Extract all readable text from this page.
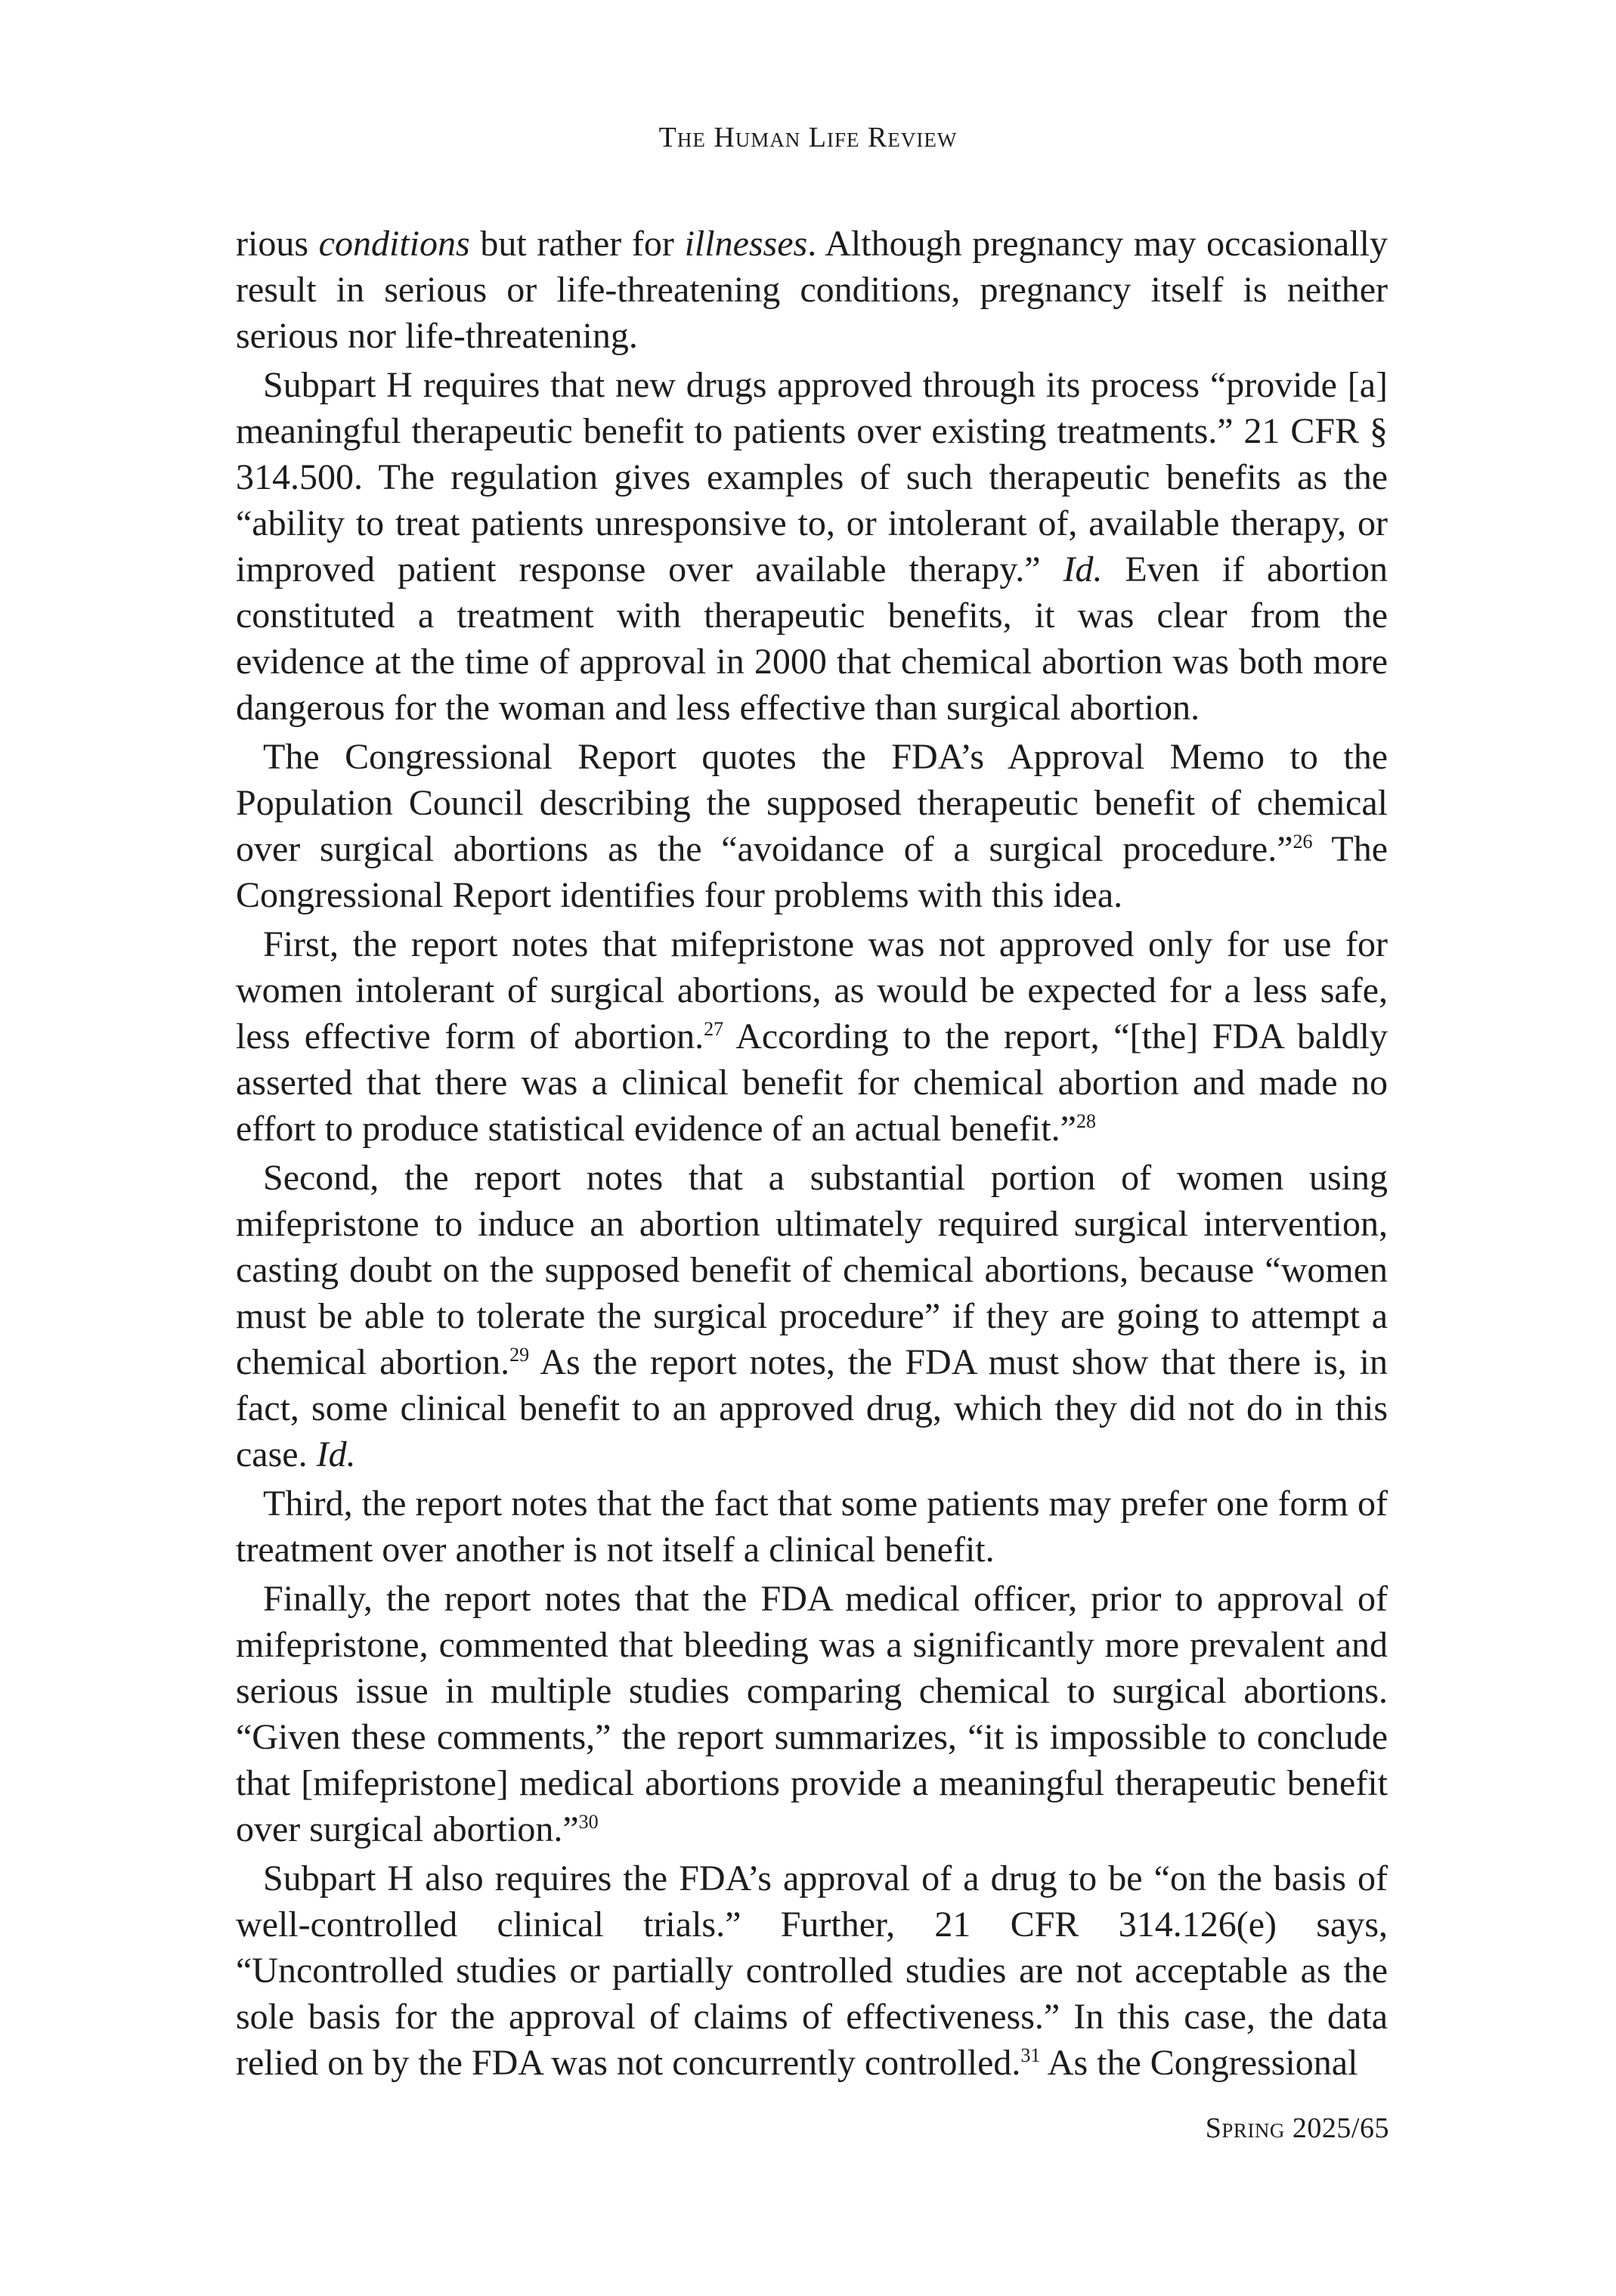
The Human Life Review

rious conditions but rather for illnesses. Although pregnancy may occasionally result in serious or life-threatening conditions, pregnancy itself is neither serious nor life-threatening.

Subpart H requires that new drugs approved through its process “provide [a] meaningful therapeutic benefit to patients over existing treatments.” 21 CFR § 314.500. The regulation gives examples of such therapeutic benefits as the “ability to treat patients unresponsive to, or intolerant of, available therapy, or improved patient response over available therapy.” Id. Even if abortion constituted a treatment with therapeutic benefits, it was clear from the evidence at the time of approval in 2000 that chemical abortion was both more dangerous for the woman and less effective than surgical abortion.

The Congressional Report quotes the FDA’s Approval Memo to the Population Council describing the supposed therapeutic benefit of chemical over surgical abortions as the “avoidance of a surgical procedure.”$^{26}$ The Congressional Report identifies four problems with this idea.

First, the report notes that mifepristone was not approved only for use for women intolerant of surgical abortions, as would be expected for a less safe, less effective form of abortion.$^{27}$ According to the report, “[the] FDA baldly asserted that there was a clinical benefit for chemical abortion and made no effort to produce statistical evidence of an actual benefit.”$^{28}$

Second, the report notes that a substantial portion of women using mifepristone to induce an abortion ultimately required surgical intervention, casting doubt on the supposed benefit of chemical abortions, because “women must be able to tolerate the surgical procedure” if they are going to attempt a chemical abortion.$^{29}$ As the report notes, the FDA must show that there is, in fact, some clinical benefit to an approved drug, which they did not do in this case. Id.

Third, the report notes that the fact that some patients may prefer one form of treatment over another is not itself a clinical benefit.

Finally, the report notes that the FDA medical officer, prior to approval of mifepristone, commented that bleeding was a significantly more prevalent and serious issue in multiple studies comparing chemical to surgical abortions. “Given these comments,” the report summarizes, “it is impossible to conclude that [mifepristone] medical abortions provide a meaningful therapeutic benefit over surgical abortion.”$^{30}$

Subpart H also requires the FDA’s approval of a drug to be “on the basis of well-controlled clinical trials.” Further, 21 CFR 314.126(e) says, “Uncontrolled studies or partially controlled studies are not acceptable as the sole basis for the approval of claims of effectiveness.” In this case, the data relied on by the FDA was not concurrently controlled.$^{31}$ As the Congressional

Spring 2025/65
